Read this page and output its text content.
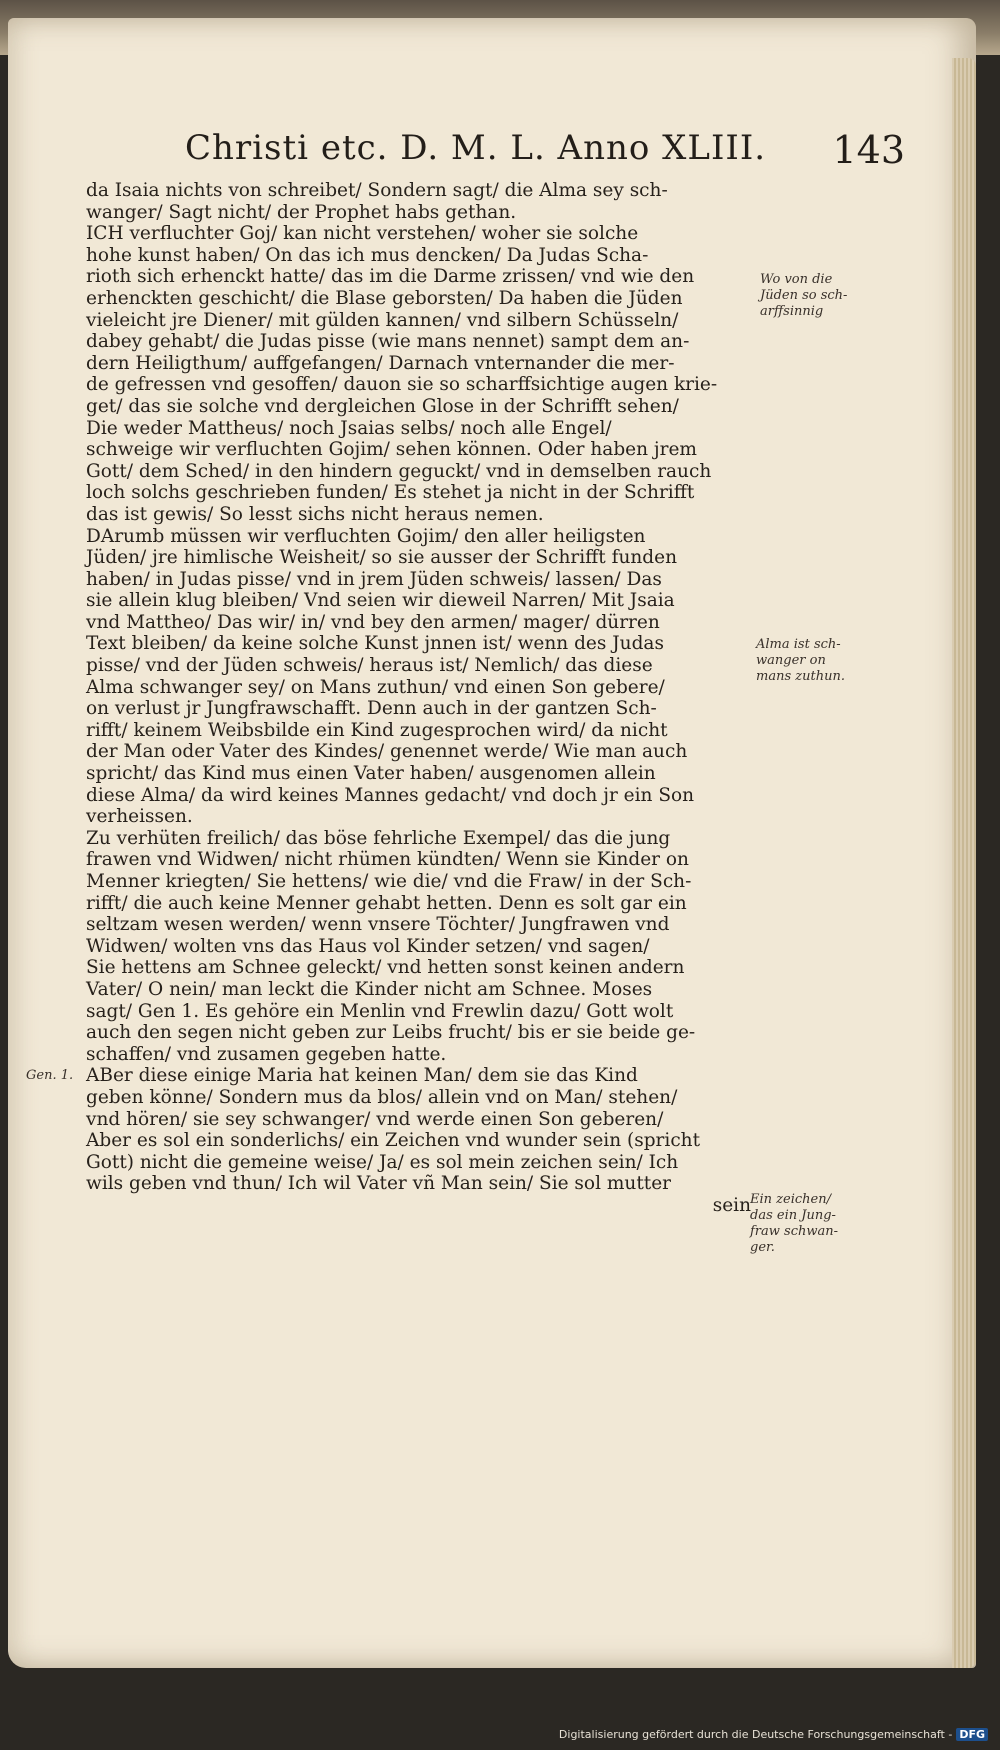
Christi etc. D. M. L. Anno XLIII. 143
da Isaia nichts von schreibet/ Sondern sagt/ die Alma sey sch-
wanger/ Sagt nicht/ der Prophet habs gethan.
ICH verfluchter Goj/ kan nicht verstehen/ woher sie solche
hohe kunst haben/ On das ich mus dencken/ Da Judas Scha-
rioth sich erhenckt hatte/ das im die Darme zrissen/ vnd wie den
erhenckten geschicht/ die Blase geborsten/ Da haben die Jüden
vieleicht jre Diener/ mit gülden kannen/ vnd silbern Schüsseln/
dabey gehabt/ die Judas pisse (wie mans nennet) sampt dem an-
dern Heiligthum/ auffgefangen/ Darnach vnternander die mer-
de gefressen vnd gesoffen/ dauon sie so scharffsichtige augen krie-
get/ das sie solche vnd dergleichen Glose in der Schrifft sehen/
Die weder Mattheus/ noch Jsaias selbs/ noch alle Engel/
schweige wir verfluchten Gojim/ sehen können. Oder haben jrem
Gott/ dem Sched/ in den hindern geguckt/ vnd in demselben rauch
loch solchs geschrieben funden/ Es stehet ja nicht in der Schrifft
das ist gewis/ So lesst sichs nicht heraus nemen.
DArumb müssen wir verfluchten Gojim/ den aller heiligsten
Jüden/ jre himlische Weisheit/ so sie ausser der Schrifft funden
haben/ in Judas pisse/ vnd in jrem Jüden schweis/ lassen/ Das
sie allein klug bleiben/ Vnd seien wir dieweil Narren/ Mit Jsaia
vnd Mattheo/ Das wir/ in/ vnd bey den armen/ mager/ dürren
Text bleiben/ da keine solche Kunst jnnen ist/ wenn des Judas
pisse/ vnd der Jüden schweis/ heraus ist/ Nemlich/ das diese
Alma schwanger sey/ on Mans zuthun/ vnd einen Son gebere/
on verlust jr Jungfrawschafft. Denn auch in der gantzen Sch-
rifft/ keinem Weibsbilde ein Kind zugesprochen wird/ da nicht
der Man oder Vater des Kindes/ genennet werde/ Wie man auch
spricht/ das Kind mus einen Vater haben/ ausgenomen allein
diese Alma/ da wird keines Mannes gedacht/ vnd doch jr ein Son
verheissen.
Zu verhüten freilich/ das böse fehrliche Exempel/ das die jung
frawen vnd Widwen/ nicht rhümen kündten/ Wenn sie Kinder on
Menner kriegten/ Sie hettens/ wie die/ vnd die Fraw/ in der Sch-
rifft/ die auch keine Menner gehabt hetten. Denn es solt gar ein
seltzam wesen werden/ wenn vnsere Töchter/ Jungfrawen vnd
Widwen/ wolten vns das Haus vol Kinder setzen/ vnd sagen/
Sie hettens am Schnee geleckt/ vnd hetten sonst keinen andern
Vater/ O nein/ man leckt die Kinder nicht am Schnee. Moses
sagt/ Gen 1. Es gehöre ein Menlin vnd Frewlin dazu/ Gott wolt
auch den segen nicht geben zur Leibs frucht/ bis er sie beide ge-
schaffen/ vnd zusamen gegeben hatte.
ABer diese einige Maria hat keinen Man/ dem sie das Kind
geben könne/ Sondern mus da blos/ allein vnd on Man/ stehen/
vnd hören/ sie sey schwanger/ vnd werde einen Son geberen/
Aber es sol ein sonderlichs/ ein Zeichen vnd wunder sein (spricht
Gott) nicht die gemeine weise/ Ja/ es sol mein zeichen sein/ Ich
wils geben vnd thun/ Ich wil Vater vñ Man sein/ Sie sol mutter
sein
Wo von die
Jüden so sch-
arffsinnig
Alma ist sch-
wanger on
mans zuthun.
Ein zeichen/
das ein Jung-
fraw schwan-
ger.
Gen. 1.
Digitalisierung gefördert durch die Deutsche Forschungsgemeinschaft - DFG
